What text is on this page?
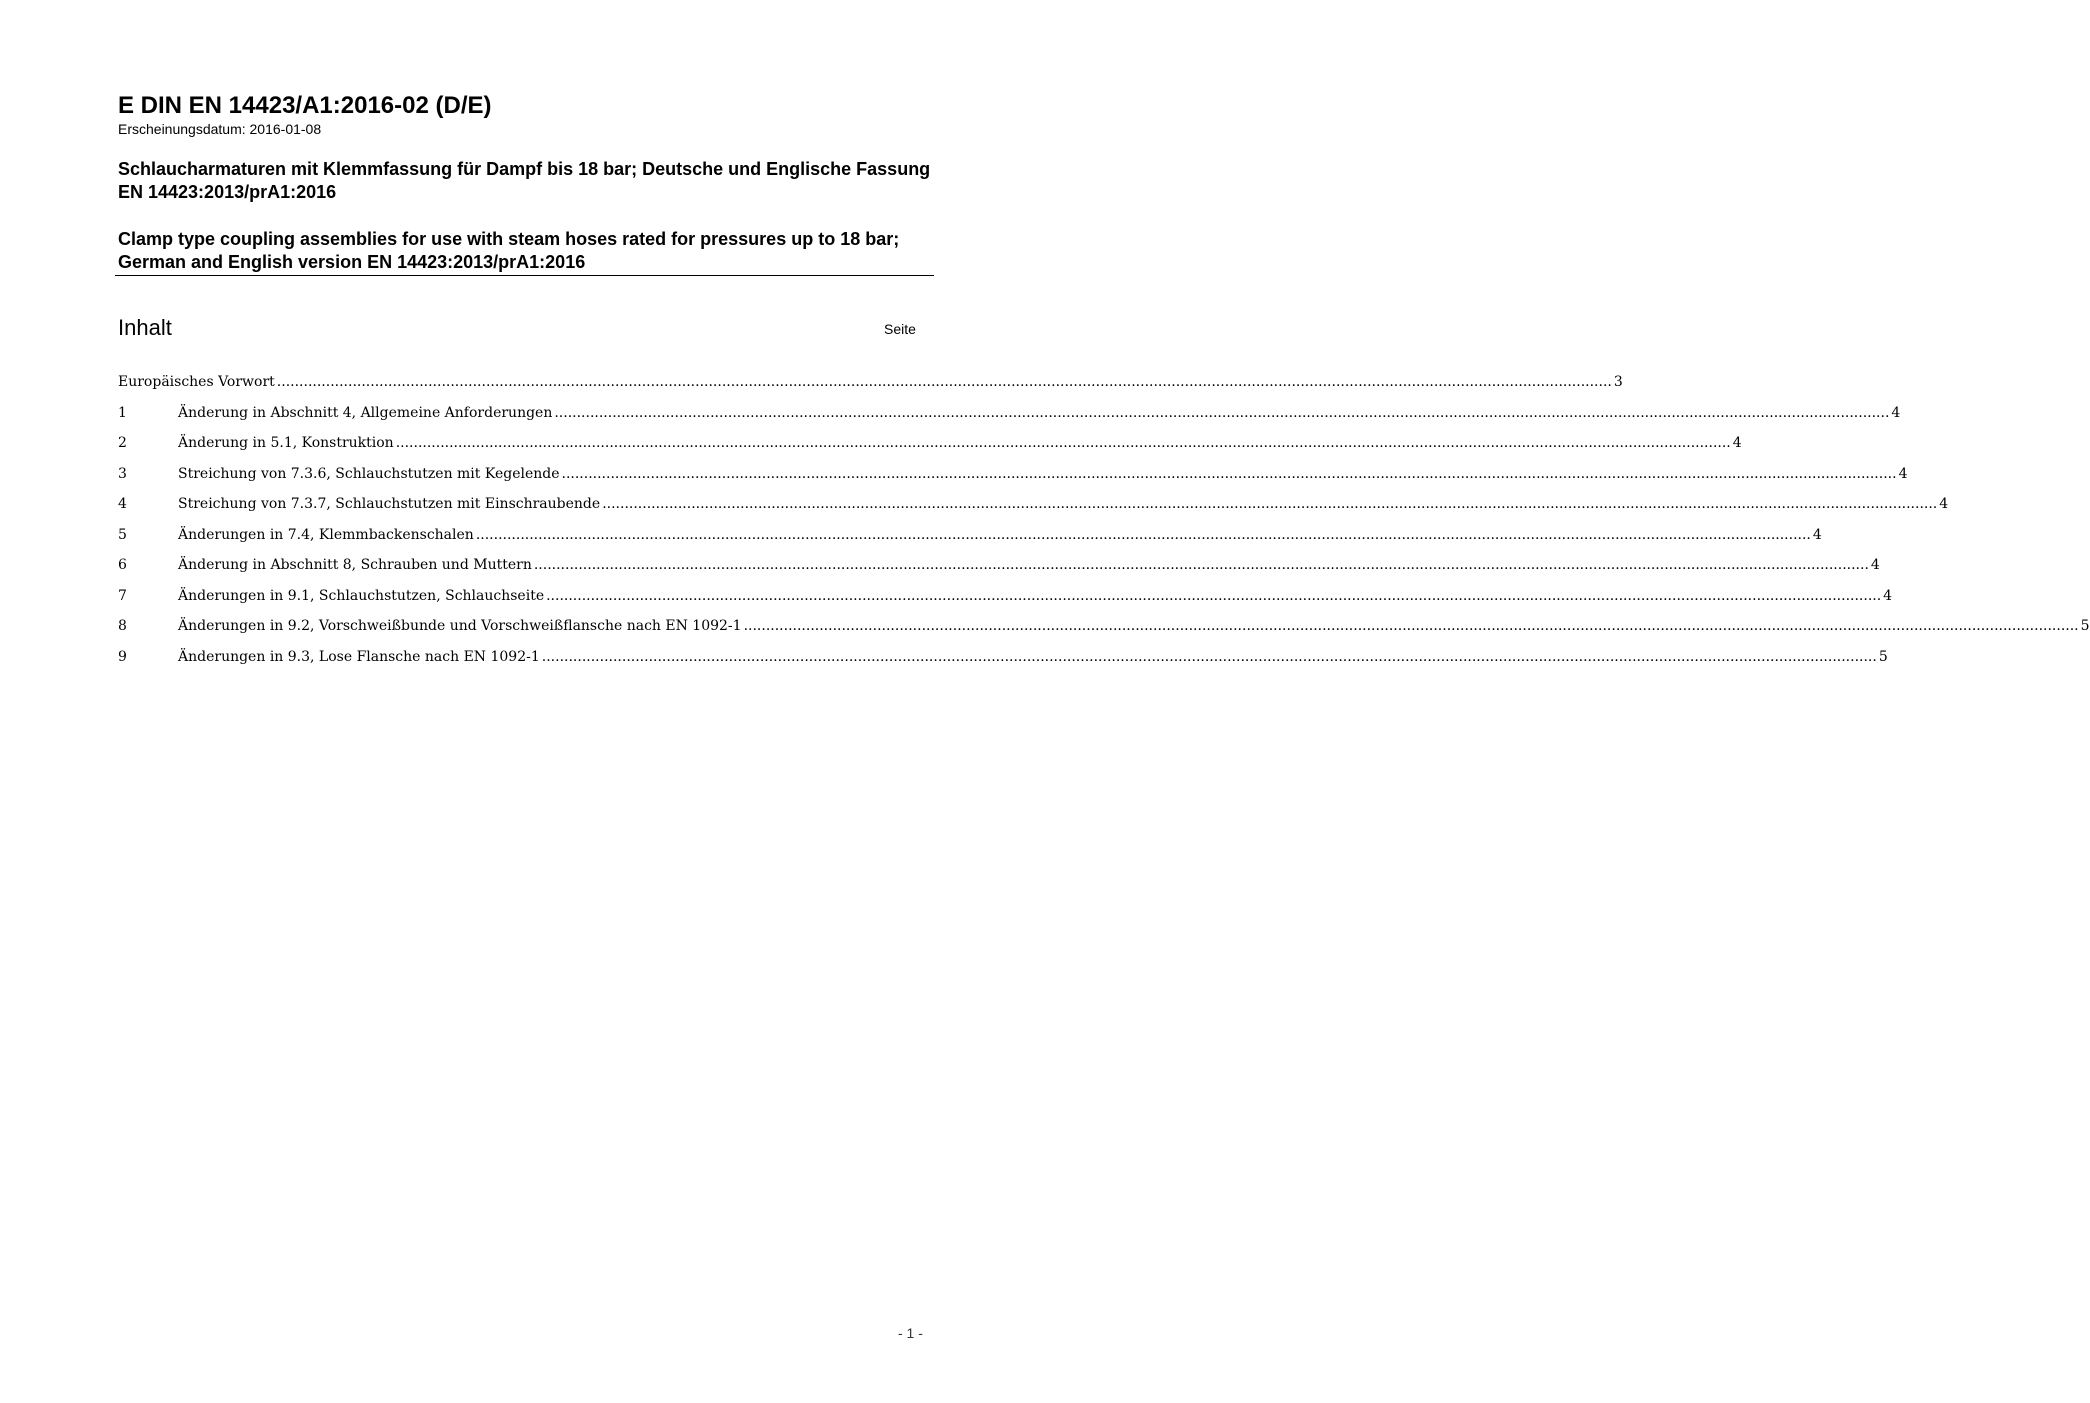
E DIN EN 14423/A1:2016-02 (D/E)
Erscheinungsdatum: 2016-01-08
Schlaucharmaturen mit Klemmfassung für Dampf bis 18 bar; Deutsche und Englische Fassung EN 14423:2013/prA1:2016
Clamp type coupling assemblies for use with steam hoses rated for pressures up to 18 bar; German and English version EN 14423:2013/prA1:2016
Inhalt	Seite
Europäisches Vorwort ............................................................................................................................................................................................................................................................................................................ 3
1	Änderung in Abschnitt 4, Allgemeine Anforderungen ............................................................................................................................................................................................................................................................................................................ 4
2	Änderung in 5.1, Konstruktion ............................................................................................................................................................................................................................................................................................................ 4
3	Streichung von 7.3.6, Schlauchstutzen mit Kegelende ............................................................................................................................................................................................................................................................................................................ 4
4	Streichung von 7.3.7, Schlauchstutzen mit Einschraubende ............................................................................................................................................................................................................................................................................................................ 4
5	Änderungen in 7.4, Klemmbackenschalen ............................................................................................................................................................................................................................................................................................................ 4
6	Änderung in Abschnitt 8, Schrauben und Muttern ............................................................................................................................................................................................................................................................................................................ 4
7	Änderungen in 9.1, Schlauchstutzen, Schlauchseite ............................................................................................................................................................................................................................................................................................................ 4
8	Änderungen in 9.2, Vorschweißbunde und Vorschweißflansche nach EN 1092-1 ............................................................................................................................................................................................................................................................................................................ 5
9	Änderungen in 9.3, Lose Flansche nach EN 1092-1 ............................................................................................................................................................................................................................................................................................................ 5
- 1 -
